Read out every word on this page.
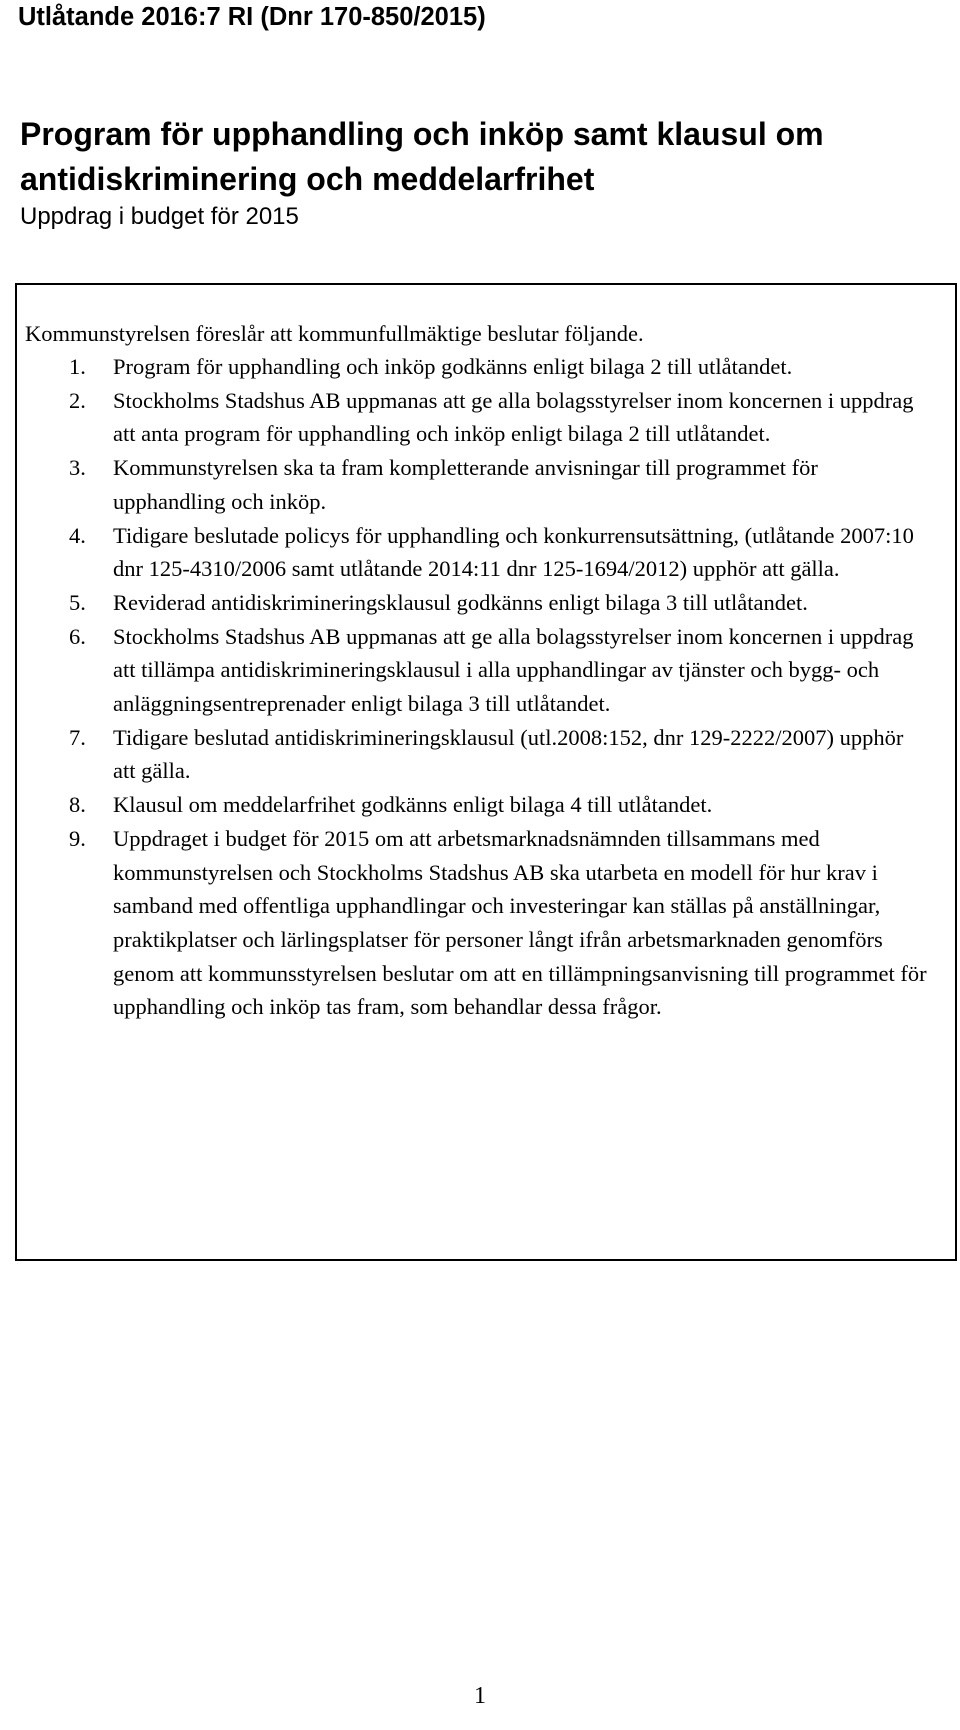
Utlåtande 2016:7 RI (Dnr 170-850/2015)

Program för upphandling och inköp samt klausul om antidiskriminering och meddelarfrihet

Uppdrag i budget för 2015

Kommunstyrelsen föreslår att kommunfullmäktige beslutar följande.

1.	Program för upphandling och inköp godkänns enligt bilaga 2 till utlåtandet.
2.	Stockholms Stadshus AB uppmanas att ge alla bolagsstyrelser inom koncernen i uppdrag att anta program för upphandling och inköp enligt bilaga 2 till utlåtandet.
3.	Kommunstyrelsen ska ta fram kompletterande anvisningar till programmet för upphandling och inköp.
4.	Tidigare beslutade policys för upphandling och konkurrensutsättning, (utlåtande 2007:10 dnr 125-4310/2006 samt utlåtande 2014:11 dnr 125-1694/2012) upphör att gälla.
5.	Reviderad antidiskrimineringsklausul godkänns enligt bilaga 3 till utlåtandet.
6.	Stockholms Stadshus AB uppmanas att ge alla bolagsstyrelser inom koncernen i uppdrag att tillämpa antidiskrimineringsklausul i alla upphandlingar av tjänster och bygg- och anläggningsentreprenader enligt bilaga 3 till utlåtandet.
7.	Tidigare beslutad antidiskrimineringsklausul (utl.2008:152, dnr 129-2222/2007) upphör att gälla.
8.	Klausul om meddelarfrihet godkänns enligt bilaga 4 till utlåtandet.
9.	Uppdraget i budget för 2015 om att arbetsmarknadsnämnden tillsammans med kommunstyrelsen och Stockholms Stadshus AB ska utarbeta en modell för hur krav i samband med offentliga upphandlingar och investeringar kan ställas på anställningar, praktikplatser och lärlingsplatser för personer långt ifrån arbetsmarknaden genomförs genom att kommunsstyrelsen beslutar om att en tillämpningsanvisning till programmet för upphandling och inköp tas fram, som behandlar dessa frågor.

1
